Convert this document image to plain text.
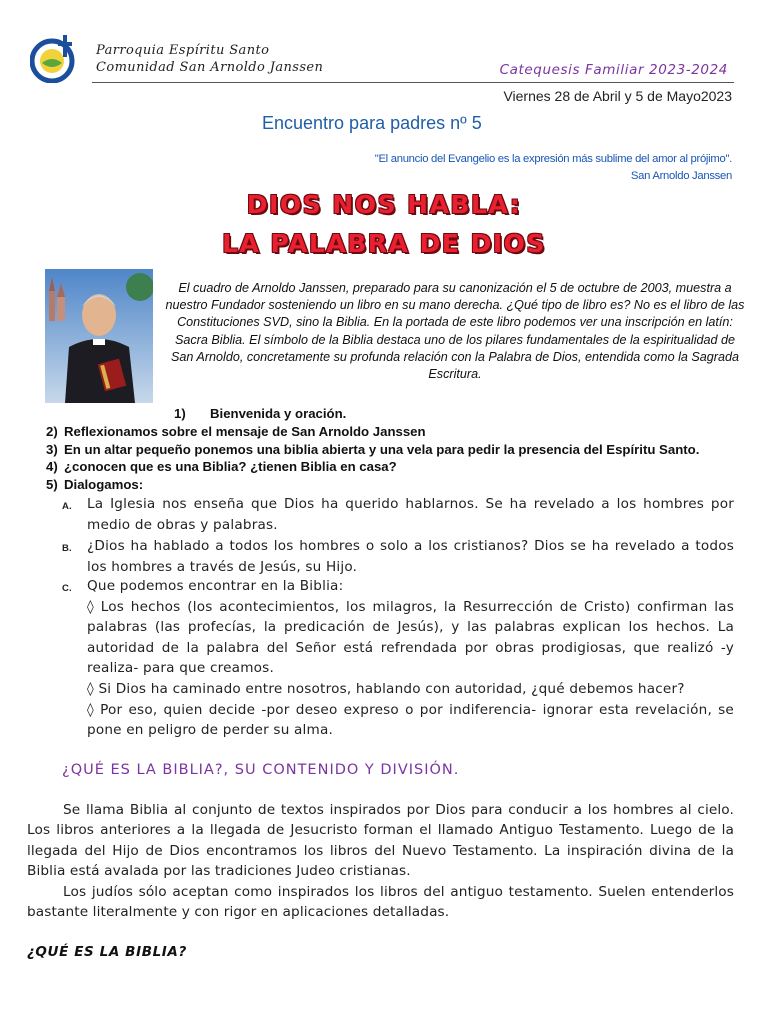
Parroquia Espíritu Santo
Comunidad San Arnoldo Janssen	Catequesis Familiar 2023-2024
Viernes 28 de Abril y 5 de Mayo2023
Encuentro para padres nº 5
"El anuncio del Evangelio es la expresión más sublime del amor al prójimo".
San Arnoldo Janssen
DIOS NOS HABLA:
LA PALABRA DE DIOS
El cuadro de Arnoldo Janssen, preparado para su canonización el 5 de octubre de 2003, muestra a nuestro Fundador sosteniendo un libro en su mano derecha. ¿Qué tipo de libro es? No es el libro de las Constituciones SVD, sino la Biblia. En la portada de este libro podemos ver una inscripción en latín: Sacra Biblia. El símbolo de la Biblia destaca uno de los pilares fundamentales de la espiritualidad de San Arnoldo, concretamente su profunda relación con la Palabra de Dios, entendida como la Sagrada Escritura.
1) Bienvenida y oración.
2) Reflexionamos sobre el mensaje de San Arnoldo Janssen
3) En un altar pequeño ponemos una biblia abierta y una vela para pedir la presencia del Espíritu Santo.
4) ¿conocen que es una Biblia? ¿tienen Biblia en casa?
5) Dialogamos:
A. La Iglesia nos enseña que Dios ha querido hablarnos. Se ha revelado a los hombres por medio de obras y palabras.
B. ¿Dios ha hablado a todos los hombres o solo a los cristianos? Dios se ha revelado a todos los hombres a través de Jesús, su Hijo.
C. Que podemos encontrar en la Biblia:
◊ Los hechos (los acontecimientos, los milagros, la Resurrección de Cristo) confirman las palabras (las profecías, la predicación de Jesús), y las palabras explican los hechos. La autoridad de la palabra del Señor está refrendada por obras prodigiosas, que realizó -y realiza- para que creamos.
◊ Si Dios ha caminado entre nosotros, hablando con autoridad, ¿qué debemos hacer?
◊ Por eso, quien decide -por deseo expreso o por indiferencia- ignorar esta revelación, se pone en peligro de perder su alma.
¿QUÉ ES LA BIBLIA?, SU CONTENIDO Y DIVISIÓN.
Se llama Biblia al conjunto de textos inspirados por Dios para conducir a los hombres al cielo. Los libros anteriores a la llegada de Jesucristo forman el llamado Antiguo Testamento. Luego de la llegada del Hijo de Dios encontramos los libros del Nuevo Testamento. La inspiración divina de la Biblia está avalada por las tradiciones Judeo cristianas.
Los judíos sólo aceptan como inspirados los libros del antiguo testamento. Suelen entenderlos bastante literalmente y con rigor en aplicaciones detalladas.
¿QUÉ ES LA BIBLIA?
